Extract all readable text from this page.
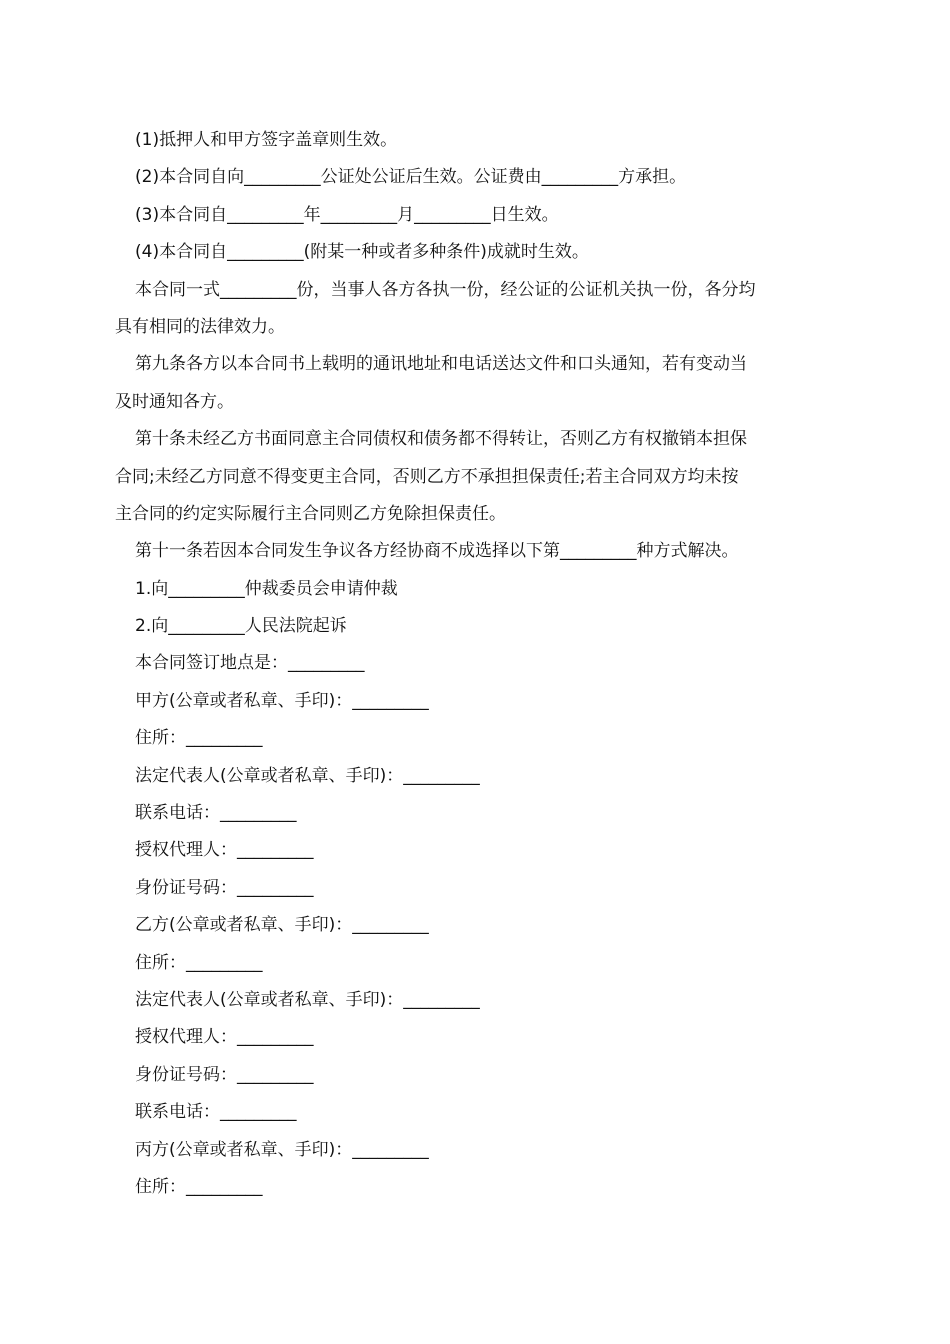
(1)抵押人和甲方签字盖章则生效。

(2)本合同自向_________公证处公证后生效。公证费由_________方承担。

(3)本合同自_________年_________月_________日生效。

(4)本合同自_________(附某一种或者多种条件)成就时生效。

本合同一式_________份，当事人各方各执一份，经公证的公证机关执一份，各分均

具有相同的法律效力。

第九条各方以本合同书上载明的通讯地址和电话送达文件和口头通知，若有变动当

及时通知各方。

第十条未经乙方书面同意主合同债权和债务都不得转让，否则乙方有权撤销本担保

合同;未经乙方同意不得变更主合同，否则乙方不承担担保责任;若主合同双方均未按

主合同的约定实际履行主合同则乙方免除担保责任。

第十一条若因本合同发生争议各方经协商不成选择以下第_________种方式解决。

1.向_________仲裁委员会申请仲裁

2.向_________人民法院起诉

本合同签订地点是：_________

甲方(公章或者私章、手印)：_________

住所：_________

法定代表人(公章或者私章、手印)：_________

联系电话：_________

授权代理人：_________

身份证号码：_________

乙方(公章或者私章、手印)：_________

住所：_________

法定代表人(公章或者私章、手印)：_________

授权代理人：_________

身份证号码：_________

联系电话：_________

丙方(公章或者私章、手印)：_________

住所：_________
